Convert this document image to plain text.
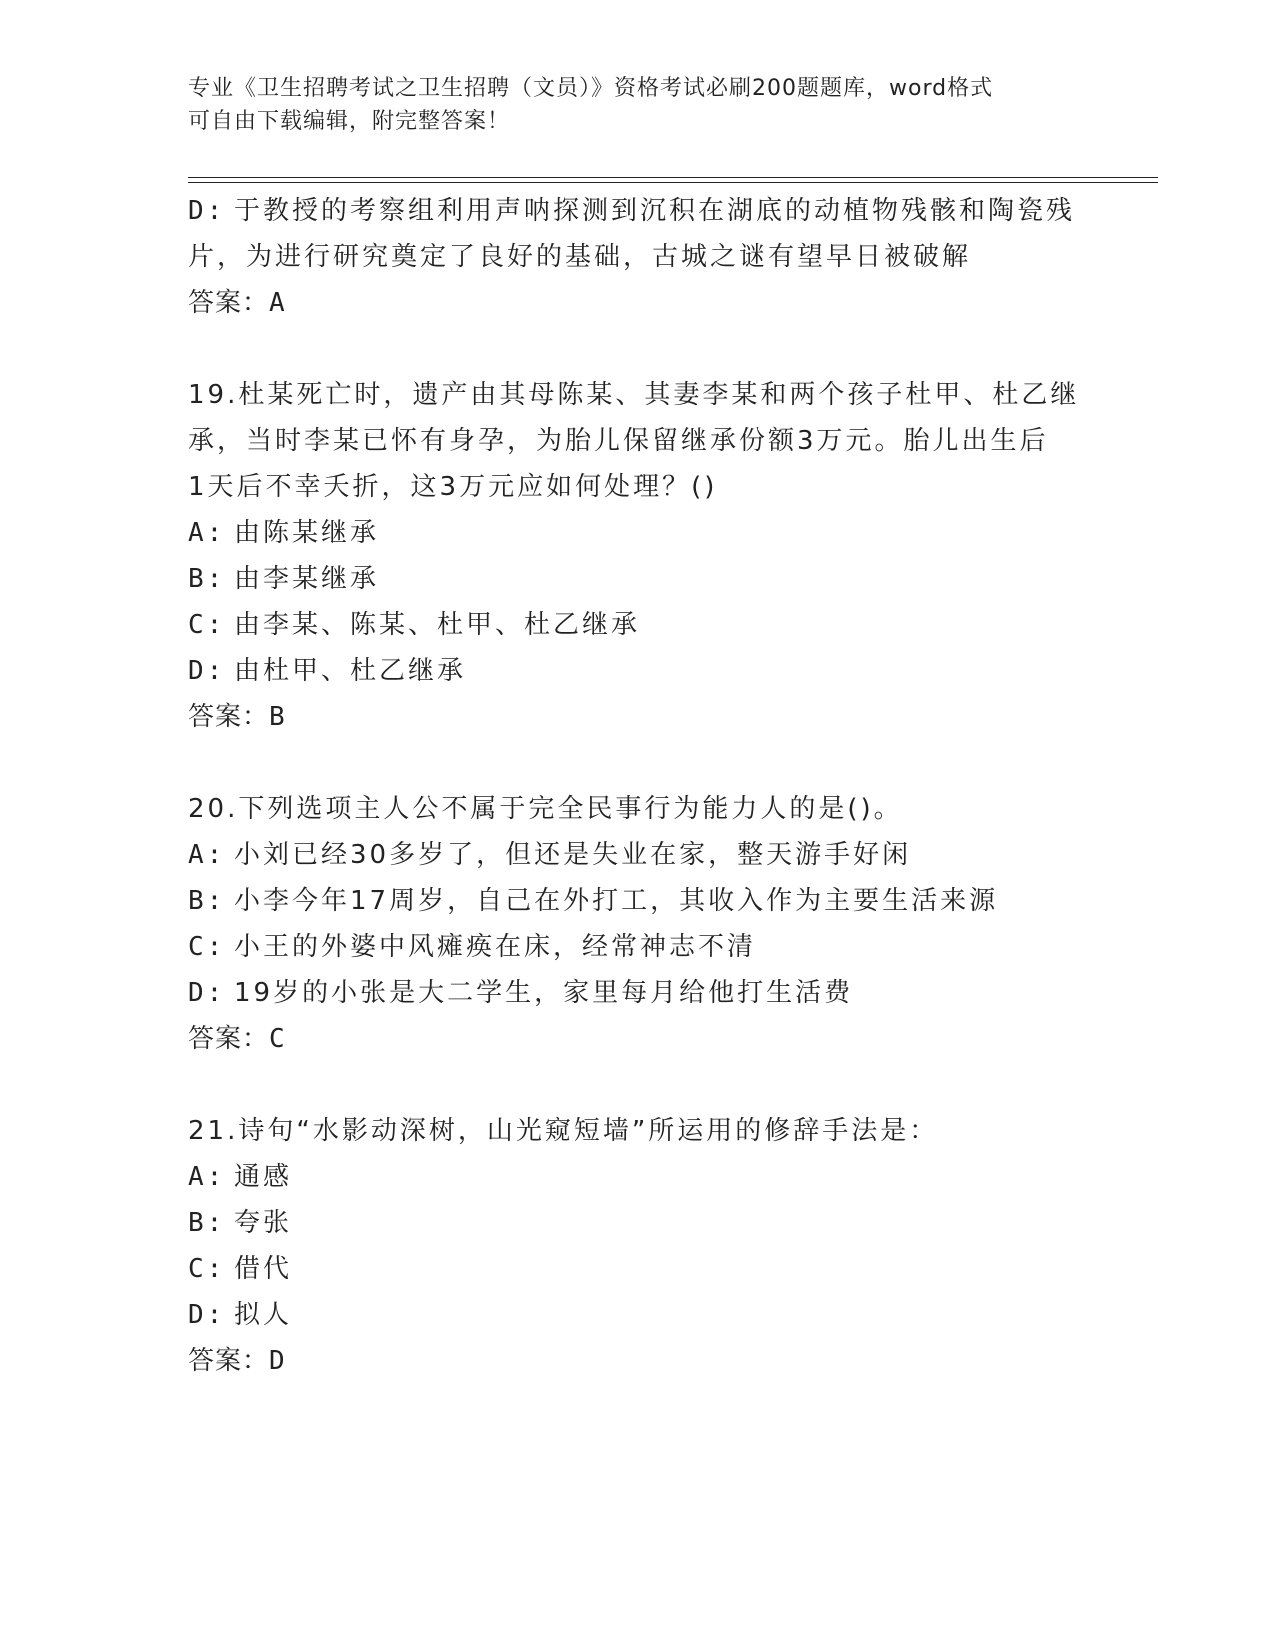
专业《卫生招聘考试之卫生招聘（文员）》资格考试必刷200题题库，word格式
可自由下载编辑，附完整答案！
D: 于教授的考察组利用声呐探测到沉积在湖底的动植物残骸和陶瓷残
片，为进行研究奠定了良好的基础，古城之谜有望早日被破解
答案：A
19.杜某死亡时，遗产由其母陈某、其妻李某和两个孩子杜甲、杜乙继
承，当时李某已怀有身孕，为胎儿保留继承份额3万元。胎儿出生后
1天后不幸夭折，这3万元应如何处理？()
A: 由陈某继承
B: 由李某继承
C: 由李某、陈某、杜甲、杜乙继承
D: 由杜甲、杜乙继承
答案：B
20.下列选项主人公不属于完全民事行为能力人的是()。
A: 小刘已经30多岁了，但还是失业在家，整天游手好闲
B: 小李今年17周岁，自己在外打工，其收入作为主要生活来源
C: 小王的外婆中风瘫痪在床，经常神志不清
D: 19岁的小张是大二学生，家里每月给他打生活费
答案：C
21.诗句“水影动深树，山光窥短墙”所运用的修辞手法是：
A: 通感
B: 夸张
C: 借代
D: 拟人
答案：D
